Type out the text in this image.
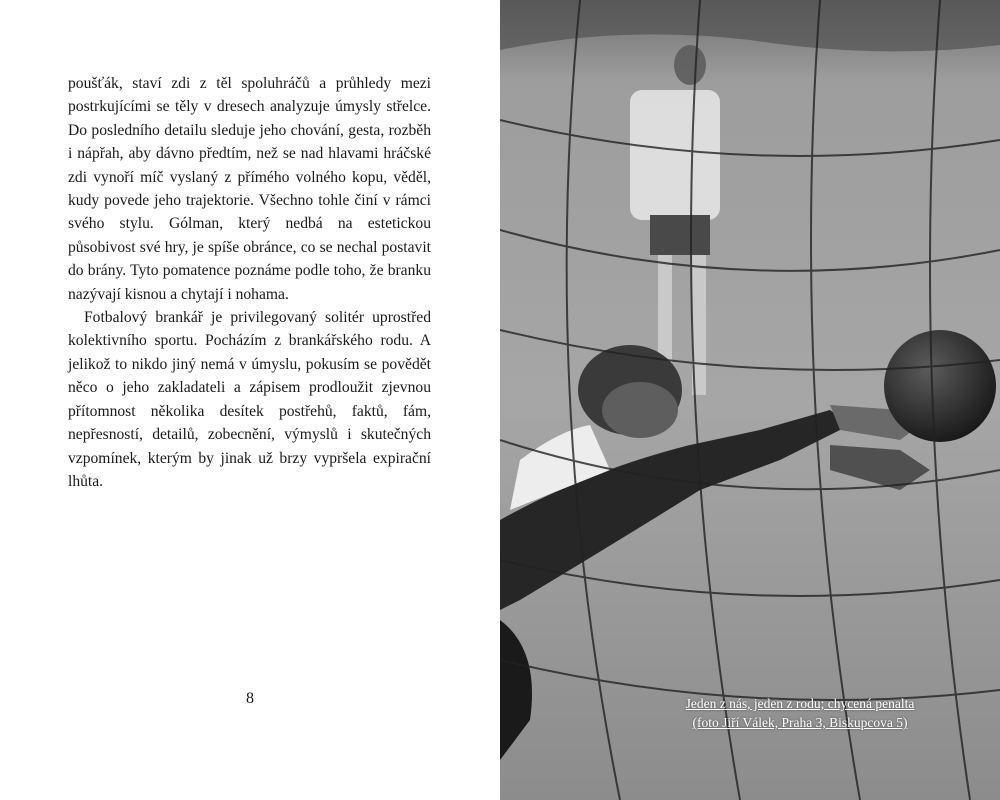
poušťák, staví zdi z těl spoluhráčů a průhledy mezi postrkujícími se těly v dresech analyzuje úmysly střelce. Do posledního detailu sleduje jeho chování, gesta, rozběh i nápřah, aby dávno předtím, než se nad hlavami hráčské zdi vynoří míč vyslaný z přímého volného kopu, věděl, kudy povede jeho trajektorie. Všechno tohle činí v rámci svého stylu. Gólman, který nedbá na estetickou působivost své hry, je spíše obránce, co se nechal postavit do brány. Tyto pomatence poznáme podle toho, že branku nazývají kisnou a chytají i nohama.

Fotbalový brankář je privilegovaný solitér uprostřed kolektivního sportu. Pocházím z brankářského rodu. A jelikož to nikdo jiný nemá v úmyslu, pokusím se povědět něco o jeho zakladateli a zápisem prodloužit zjevnou přítomnost několika desítek postřehů, faktů, fám, nepřesností, detailů, zobecnění, výmyslů i skutečných vzpomínek, kterým by jinak už brzy vypršela expirační lhůta.

8	Jeden z nás, jeden z rodu; chycená penalta
(foto Jiří Válek, Praha 3, Biskupcova 5)
